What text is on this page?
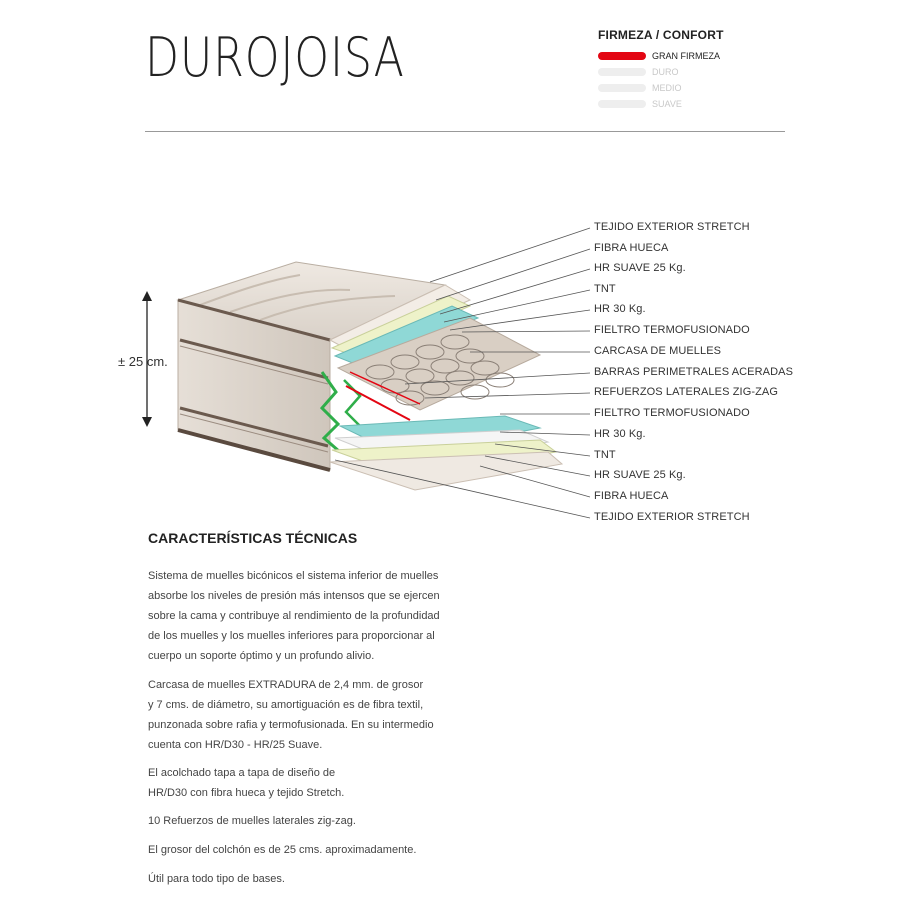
DUROJOISA	FIRMEZA / CONFORT
GRAN FIRMEZA
DURO
MEDIO
SUAVE
± 25 cm.
TEJIDO EXTERIOR STRETCH
FIBRA HUECA
HR SUAVE 25 Kg.
TNT
HR 30 Kg.
FIELTRO TERMOFUSIONADO
CARCASA DE MUELLES
BARRAS PERIMETRALES ACERADAS
REFUERZOS LATERALES ZIG-ZAG
FIELTRO TERMOFUSIONADO
HR 30 Kg.
TNT
HR SUAVE 25 Kg.
FIBRA HUECA
TEJIDO EXTERIOR STRETCH
CARACTERÍSTICAS TÉCNICAS
Sistema de muelles bicónicos el sistema inferior de muelles
absorbe los niveles de presión más intensos que se ejercen
sobre la cama y contribuye al rendimiento de la profundidad
de los muelles y los muelles inferiores para proporcionar al
cuerpo un soporte óptimo y un profundo alivio.
Carcasa de muelles EXTRADURA de 2,4 mm. de grosor
y 7 cms. de diámetro, su amortiguación es de fibra textil,
punzonada sobre rafia y termofusionada. En su intermedio
cuenta con HR/D30 - HR/25 Suave.
El acolchado tapa a tapa de diseño de
HR/D30 con fibra hueca y tejido Stretch.
10 Refuerzos de muelles laterales zig-zag.
El grosor del colchón es de 25 cms. aproximadamente.
Útil para todo tipo de bases.
